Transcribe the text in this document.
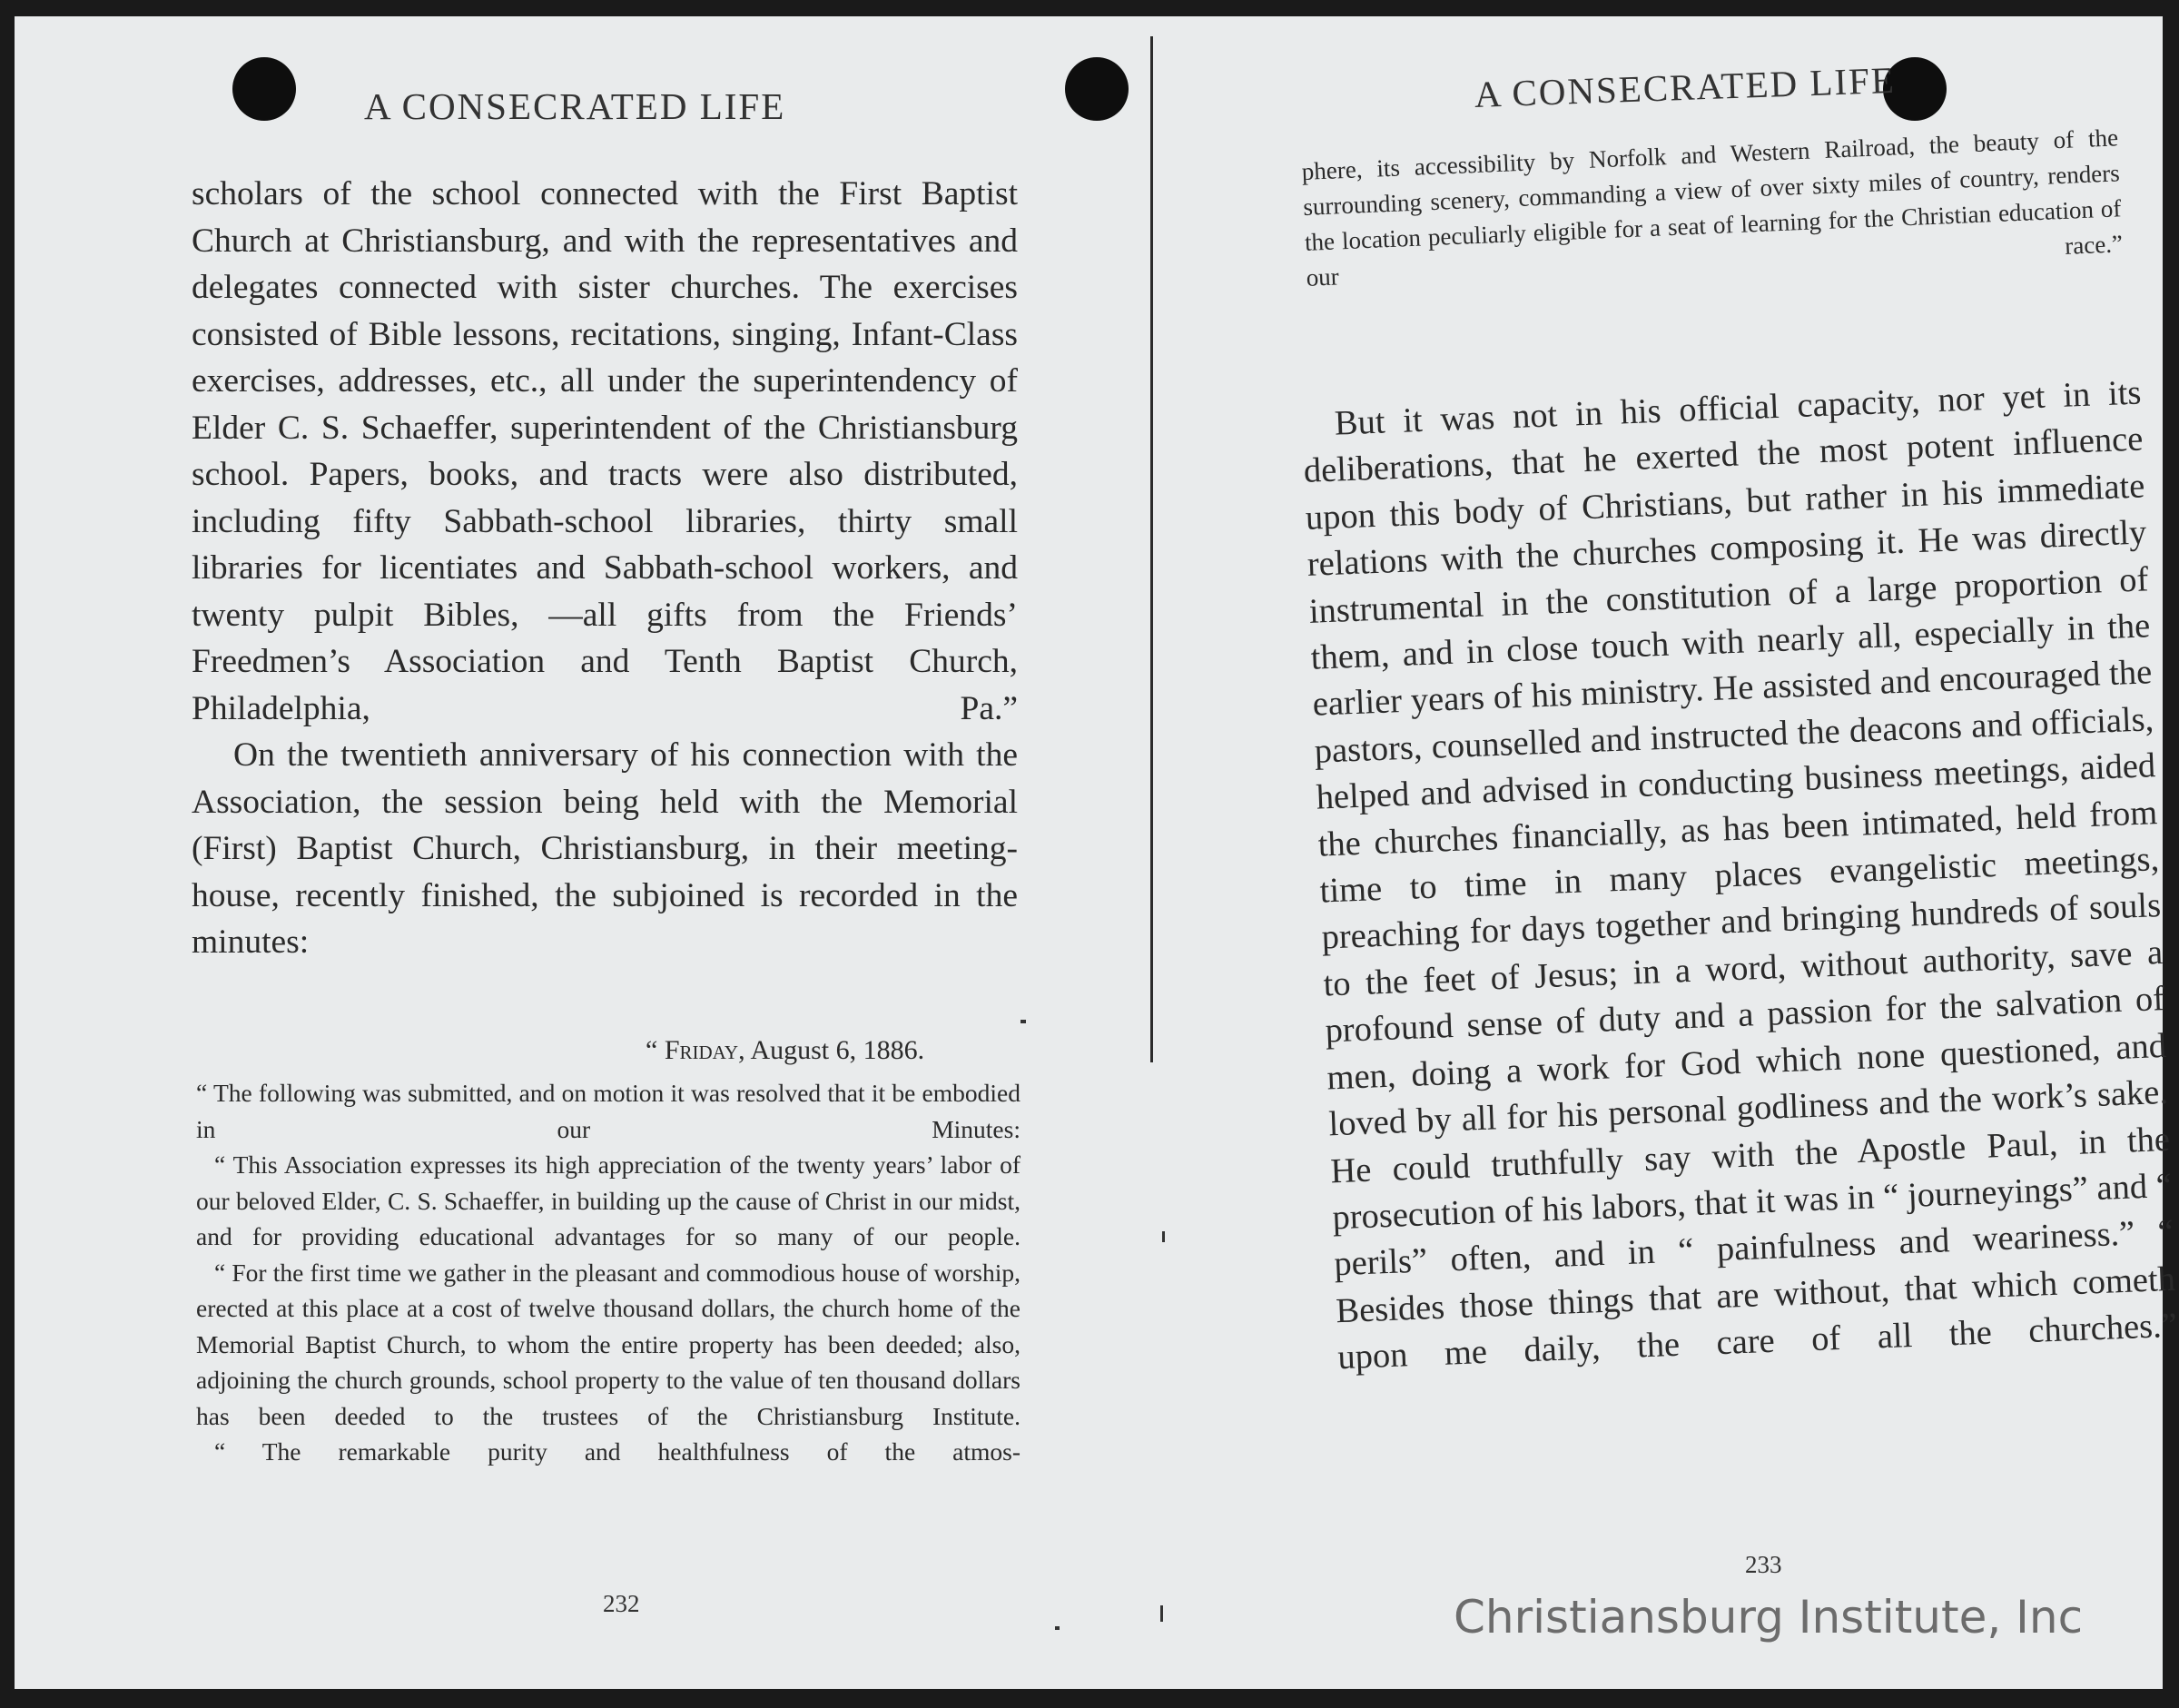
A CONSECRATED LIFE

scholars of the school connected with the First Baptist Church at Christiansburg, and with the representatives and delegates connected with sister churches. The exercises consisted of Bible lessons, recitations, singing, Infant-Class exercises, addresses, etc., all under the superintendency of Elder C. S. Schaeffer, superintendent of the Christiansburg school. Papers, books, and tracts were also distributed, including fifty Sabbath-school libraries, thirty small libraries for licentiates and Sabbath-school workers, and twenty pulpit Bibles, —all gifts from the Friends’ Freedmen’s Association and Tenth Baptist Church, Philadelphia, Pa.”

On the twentieth anniversary of his connection with the Association, the session being held with the Memorial (First) Baptist Church, Christiansburg, in their meeting-house, recently finished, the subjoined is recorded in the minutes:

“ Friday, August 6, 1886.

“ The following was submitted, and on motion it was resolved that it be embodied in our Minutes:

“ This Association expresses its high appreciation of the twenty years’ labor of our beloved Elder, C. S. Schaeffer, in building up the cause of Christ in our midst, and for providing educational advantages for so many of our people.

“ For the first time we gather in the pleasant and commodious house of worship, erected at this place at a cost of twelve thousand dollars, the church home of the Memorial Baptist Church, to whom the entire property has been deeded; also, adjoining the church grounds, school property to the value of ten thousand dollars has been deeded to the trustees of the Christiansburg Institute.

“ The remarkable purity and healthfulness of the atmos-

232
A CONSECRATED LIFE

phere, its accessibility by Norfolk and Western Railroad, the beauty of the surrounding scenery, commanding a view of over sixty miles of country, renders the location peculiarly eligible for a seat of learning for the Christian education of our race.”

But it was not in his official capacity, nor yet in its deliberations, that he exerted the most potent influence upon this body of Christians, but rather in his immediate relations with the churches composing it. He was directly instrumental in the constitution of a large proportion of them, and in close touch with nearly all, especially in the earlier years of his ministry. He assisted and encouraged the pastors, counselled and instructed the deacons and officials, helped and advised in conducting business meetings, aided the churches financially, as has been intimated, held from time to time in many places evangelistic meetings, preaching for days together and bringing hundreds of souls to the feet of Jesus; in a word, without authority, save a profound sense of duty and a passion for the salvation of men, doing a work for God which none questioned, and loved by all for his personal godliness and the work’s sake. He could truthfully say with the Apostle Paul, in the prosecution of his labors, that it was in “ journeyings” and “ perils” often, and in “ painfulness and weariness.” “ Besides those things that are without, that which cometh upon me daily, the care of all the churches.”

233
Christiansburg Institute, Inc
